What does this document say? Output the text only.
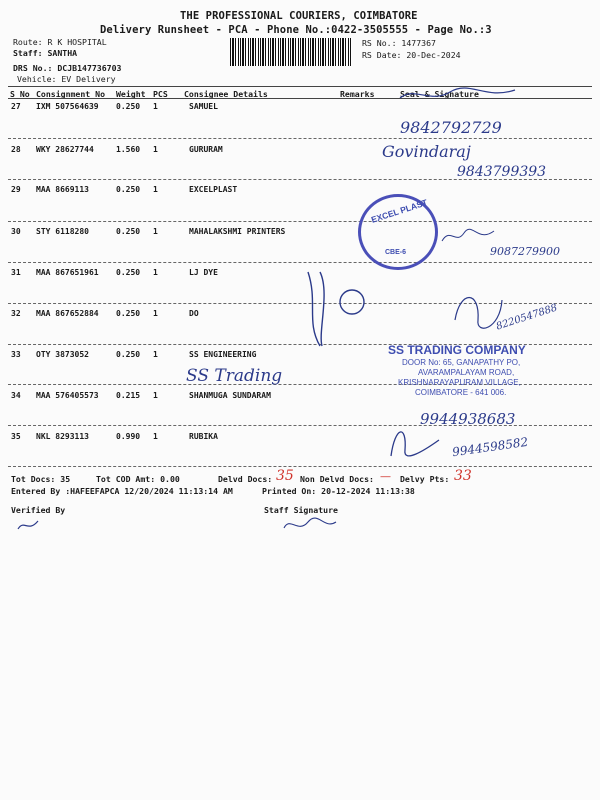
THE PROFESSIONAL COURIERS, COIMBATORE
Delivery Runsheet - PCA - Phone No.:0422-3505555 - Page No.:3
Route: R K HOSPITAL
Staff: SANTHA
DRS No.: DCJB147736703
Vehicle: EV Delivery
RS No.: 1477367
RS Date: 20-Dec-2024
S No Consignment No Weight PCS Consignee Details	Remarks	Seal & Signature
27 IXM 507564639 0.250 1	SAMUEL
28 WKY 28627744	1.560 1	GURURAM
29 MAA 8669113	0.250 1	EXCELPLAST
30 STY 6118280	0.250 1	MAHALAKSHMI PRINTERS
31 MAA 867651961 0.250 1	LJ DYE
32 MAA 867652884 0.250 1	DO
33 OTY 3873052	0.250 1	SS ENGINEERING
34 MAA 576405573 0.215 1	SHANMUGA SUNDARAM
35 NKL 8293113	0.990 1	RUBIKA
9842792729
Govindaraj
9843799393
EXCEL PLAST
CBE-6	9087279900
8220547888
SS TRADING COMPANY
DOOR No: 65, GANAPATHY PO,
AVARAMPALAYAM ROAD,
KRISHNARAYAPURAM VILLAGE,
COIMBATORE - 641 006.
SS Trading
9944938683
9944598582
Tot Docs: 35	Tot COD Amt: 0.00	Delvd Docs: 35 Non Delvd Docs: — Delvy Pts: 33
Entered By :HAFEEFAPCA 12/20/2024 11:13:14 AM	Printed On: 20-12-2024 11:13:38
Verified By	Staff Signature
